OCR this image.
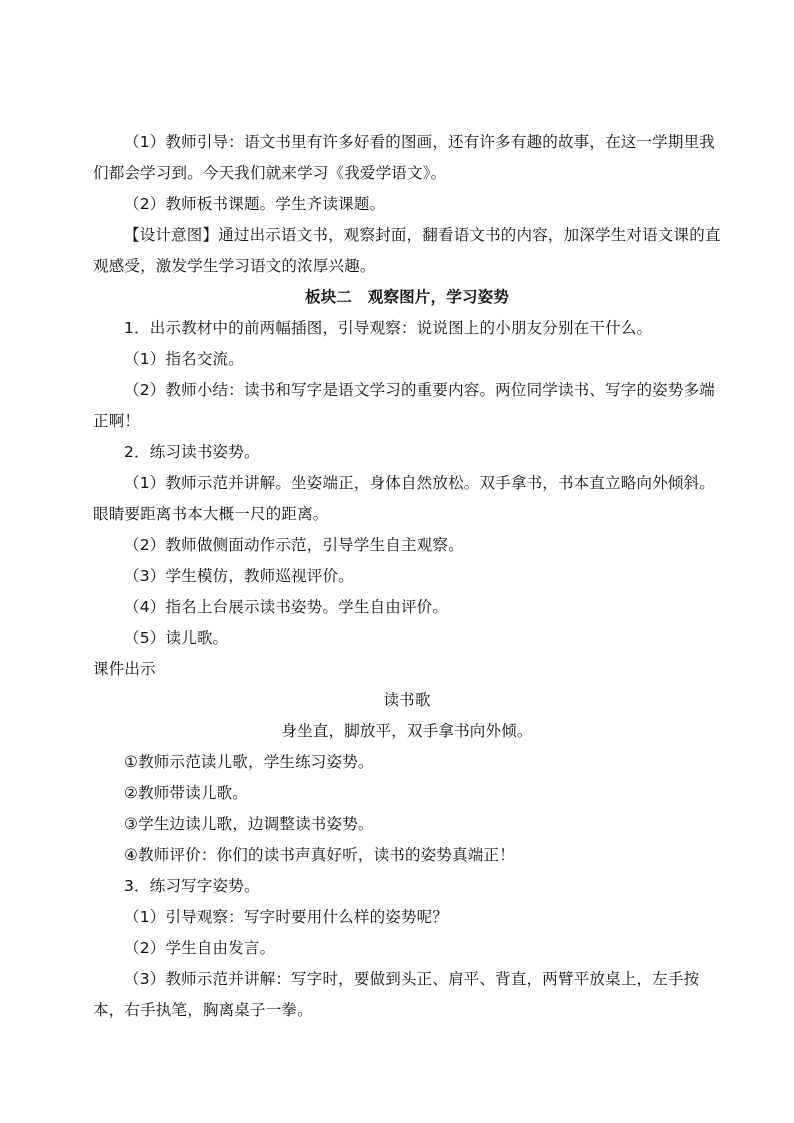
（1）教师引导：语文书里有许多好看的图画，还有许多有趣的故事，在这一学期里我们都会学习到。今天我们就来学习《我爱学语文》。

（2）教师板书课题。学生齐读课题。

【设计意图】通过出示语文书，观察封面，翻看语文书的内容，加深学生对语文课的直观感受，激发学生学习语文的浓厚兴趣。

板块二　观察图片，学习姿势

1．出示教材中的前两幅插图，引导观察：说说图上的小朋友分别在干什么。

（1）指名交流。

（2）教师小结：读书和写字是语文学习的重要内容。两位同学读书、写字的姿势多端正啊！

2．练习读书姿势。

（1）教师示范并讲解。坐姿端正，身体自然放松。双手拿书，书本直立略向外倾斜。眼睛要距离书本大概一尺的距离。

（2）教师做侧面动作示范，引导学生自主观察。

（3）学生模仿，教师巡视评价。

（4）指名上台展示读书姿势。学生自由评价。

（5）读儿歌。

课件出示

读书歌

身坐直，脚放平，双手拿书向外倾。

①教师示范读儿歌，学生练习姿势。

②教师带读儿歌。

③学生边读儿歌，边调整读书姿势。

④教师评价：你们的读书声真好听，读书的姿势真端正！

3．练习写字姿势。

（1）引导观察：写字时要用什么样的姿势呢？

（2）学生自由发言。

（3）教师示范并讲解：写字时，要做到头正、肩平、背直，两臂平放桌上，左手按本，右手执笔，胸离桌子一拳。
